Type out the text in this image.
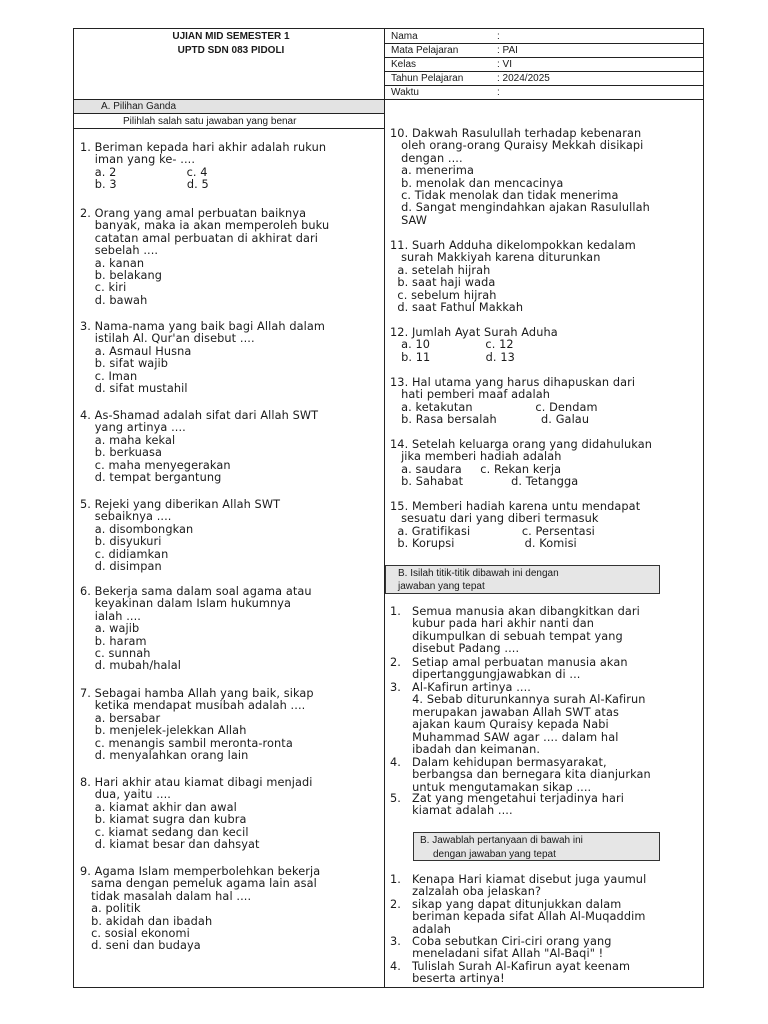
UJIAN MID SEMESTER 1
UPTD SDN 083 PIDOLI
Nama	:
Mata Pelajaran	: PAI
Kelas	: VI
Tahun Pelajaran	: 2024/2025
Waktu	:
A. Pilihan Ganda
Pilihlah salah satu jawaban yang benar
1. Beriman kepada hari akhir adalah rukun
iman yang ke- ....
a. 2                   c. 4
b. 3                   d. 5
2. Orang yang amal perbuatan baiknya
banyak, maka ia akan memperoleh buku
catatan amal perbuatan di akhirat dari
sebelah ....
a. kanan
b. belakang
c. kiri
d. bawah
3. Nama-nama yang baik bagi Allah dalam
istilah Al. Qur'an disebut ....
a. Asmaul Husna
b. sifat wajib
c. Iman
d. sifat mustahil
4. As-Shamad adalah sifat dari Allah SWT
yang artinya ....
a. maha kekal
b. berkuasa
c. maha menyegerakan
d. tempat bergantung
5. Rejeki yang diberikan Allah SWT
sebaiknya ....
a. disombongkan
b. disyukuri
c. didiamkan
d. disimpan
6. Bekerja sama dalam soal agama atau
keyakinan dalam Islam hukumnya
ialah ....
a. wajib
b. haram
c. sunnah
d. mubah/halal
7. Sebagai hamba Allah yang baik, sikap
ketika mendapat musibah adalah ....
a. bersabar
b. menjelek-jelekkan Allah
c. menangis sambil meronta-ronta
d. menyalahkan orang lain
8. Hari akhir atau kiamat dibagi menjadi
dua, yaitu ....
a. kiamat akhir dan awal
b. kiamat sugra dan kubra
c. kiamat sedang dan kecil
d. kiamat besar dan dahsyat
9. Agama Islam memperbolehkan bekerja
sama dengan pemeluk agama lain asal
tidak masalah dalam hal ....
a. politik
b. akidah dan ibadah
c. sosial ekonomi
d. seni dan budaya
10. Dakwah Rasulullah terhadap kebenaran
oleh orang-orang Quraisy Mekkah disikapi
dengan ....
a. menerima
b. menolak dan mencacinya
c. Tidak menolak dan tidak menerima
d. Sangat mengindahkan ajakan Rasulullah
SAW
11. Suarh Adduha dikelompokkan kedalam
surah Makkiyah karena diturunkan
a. setelah hijrah
b. saat haji wada
c. sebelum hijrah
d. saat Fathul Makkah
12. Jumlah Ayat Surah Aduha
a. 10               c. 12
b. 11               d. 13
13. Hal utama yang harus dihapuskan dari
hati pemberi maaf adalah
a. ketakutan                 c. Dendam
b. Rasa bersalah            d. Galau
14. Setelah keluarga orang yang didahulukan
jika memberi hadiah adalah
a. saudara     c. Rekan kerja
b. Sahabat             d. Tetangga
15. Memberi hadiah karena untu mendapat
sesuatu dari yang diberi termasuk
a. Gratifikasi              c. Persentasi
b. Korupsi                   d. Komisi
B. Isilah titik-titik dibawah ini dengan
jawaban yang tepat
1.   Semua manusia akan dibangkitkan dari
kubur pada hari akhir nanti dan
dikumpulkan di sebuah tempat yang
disebut Padang ....
2.   Setiap amal perbuatan manusia akan
dipertanggungjawabkan di ...
3.   Al-Kafirun artinya ....
4. Sebab diturunkannya surah Al-Kafirun
merupakan jawaban Allah SWT atas
ajakan kaum Quraisy kepada Nabi
Muhammad SAW agar .... dalam hal
ibadah dan keimanan.
4.   Dalam kehidupan bermasyarakat,
berbangsa dan bernegara kita dianjurkan
untuk mengutamakan sikap ....
5.   Zat yang mengetahui terjadinya hari
kiamat adalah ....
B. Jawablah pertanyaan di bawah ini
dengan jawaban yang tepat
1.   Kenapa Hari kiamat disebut juga yaumul
zalzalah oba jelaskan?
2.   sikap yang dapat ditunjukkan dalam
beriman kepada sifat Allah Al-Muqaddim
adalah
3.   Coba sebutkan Ciri-ciri orang yang
meneladani sifat Allah "Al-Baqi" !
4.   Tulislah Surah Al-Kafirun ayat keenam
beserta artinya!
